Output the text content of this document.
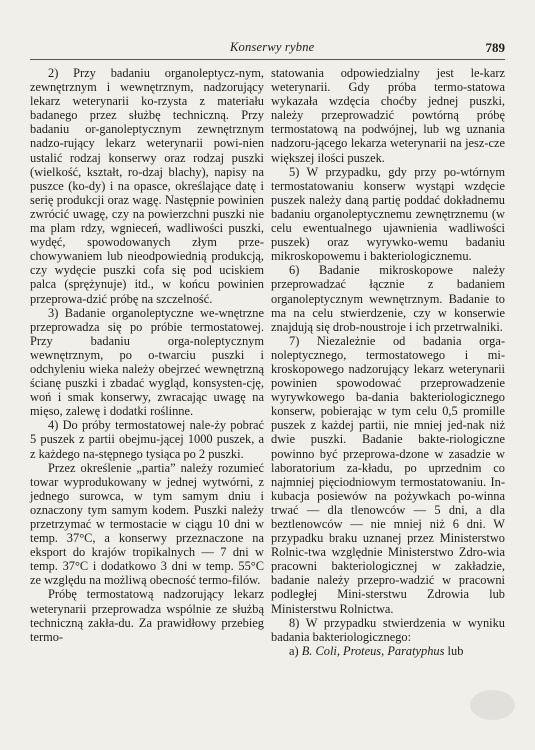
Konserwy rybne	789

2) Przy badaniu organoleptycz-nym, zewnętrznym i wewnętrznym, nadzorujący lekarz weterynarii ko-rzysta z materiału badanego przez służbę techniczną. Przy badaniu or-ganoleptycznym zewnętrznym nadzo-rujący lekarz weterynarii powi-nien ustalić rodzaj konserwy oraz rodzaj puszki (wielkość, kształt, ro-dzaj blachy), napisy na puszce (ko-dy) i na opasce, określające datę i serię produkcji oraz wagę. Następnie powinien zwrócić uwagę, czy na powierzchni puszki nie ma plam rdzy, wgnieceń, wadliwości puszki, wydęć, spowodowanych złym prze-chowywaniem lub nieodpowiednią produkcją, czy wydęcie puszki cofa się pod uciskiem palca (sprężynuje) itd., w końcu powinien przeprowa-dzić próbę na szczelność.

3) Badanie organoleptyczne we-wnętrzne przeprowadza się po próbie termostatowej. Przy badaniu orga-noleptycznym wewnętrznym, po o-twarciu puszki i odchyleniu wieka należy obejrzeć wewnętrzną ścianę puszki i zbadać wygląd, konsysten-cję, woń i smak konserwy, zwracając uwagę na mięso, zalewę i dodatki roślinne.

4) Do próby termostatowej nale-ży pobrać 5 puszek z partii obejmu-jącej 1000 puszek, a z każdego na-stępnego tysiąca po 2 puszki.

Przez określenie „partia” należy rozumieć towar wyprodukowany w jednej wytwórni, z jednego surowca, w tym samym dniu i oznaczony tym samym kodem. Puszki należy przetrzymać w termostacie w ciągu 10 dni w temp. 37°C, a konserwy przeznaczone na eksport do krajów tropikalnych — 7 dni w temp. 37°C i dodatkowo 3 dni w temp. 55°C ze względu na możliwą obecność termo-filów.

Próbę termostatową nadzorujący lekarz weterynarii przeprowadza wspólnie ze służbą techniczną zakła-du. Za prawidłowy przebieg termo-

statowania odpowiedzialny jest le-karz weterynarii. Gdy próba termo-statowa wykazała wzdęcia choćby jednej puszki, należy przeprowadzić powtórną próbę termostatową na podwójnej, lub wg uznania nadzoru-jącego lekarza weterynarii na jesz-cze większej ilości puszek.

5) W przypadku, gdy przy po-wtórnym termostatowaniu konserw wystąpi wzdęcie puszek należy daną partię poddać dokładnemu badaniu organoleptycznemu zewnętrznemu (w celu ewentualnego ujawnienia wadliwości puszek) oraz wyrywko-wemu badaniu mikroskopowemu i bakteriologicznemu.

6) Badanie mikroskopowe należy przeprowadzać łącznie z badaniem organoleptycznym wewnętrznym. Badanie to ma na celu stwierdzenie, czy w konserwie znajdują się drob-noustroje i ich przetrwalniki.

7) Niezależnie od badania orga-noleptycznego, termostatowego i mi-kroskopowego nadzorujący lekarz weterynarii powinien spowodować przeprowadzenie wyrywkowego ba-dania bakteriologicznego konserw, pobierając w tym celu 0,5 promille puszek z każdej partii, nie mniej jed-nak niż dwie puszki. Badanie bakte-riologiczne powinno być przeprowa-dzone w zasadzie w laboratorium za-kładu, po uprzednim co najmniej pięciodniowym termostatowaniu. In-kubacja posiewów na pożywkach po-winna trwać — dla tlenowców — 5 dni, a dla beztlenowców — nie mniej niż 6 dni. W przypadku braku uznanej przez Ministerstwo Rolnic-twa względnie Ministerstwo Zdro-wia pracowni bakteriologicznej w zakładzie, badanie należy przepro-wadzić w pracowni podległej Mini-sterstwu Zdrowia lub Ministerstwu Rolnictwa.

8) W przypadku stwierdzenia w wyniku badania bakteriologicznego:

a) B. Coli, Proteus, Paratyphus lub
